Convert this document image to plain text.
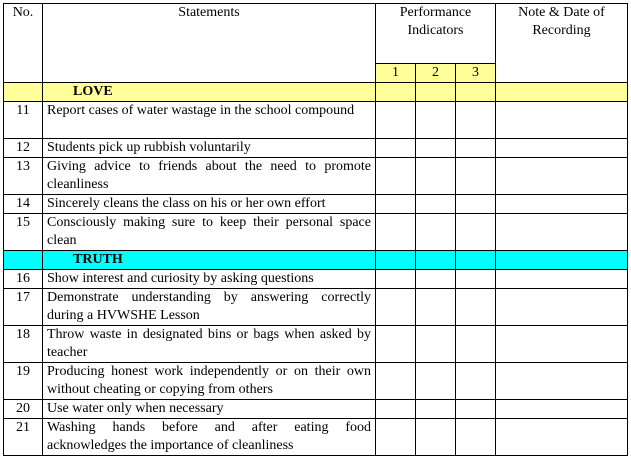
No.	Statements	Performance Indicators			Note & Date of Recording
		1	2	3	
	LOVE				
11	Report cases of water wastage in the school compound				
12	Students pick up rubbish voluntarily				
13	Giving advice to friends about the need to promote cleanliness				
14	Sincerely cleans the class on his or her own effort				
15	Consciously making sure to keep their personal space clean				
	TRUTH				
16	Show interest and curiosity by asking questions				
17	Demonstrate understanding by answering correctly during a HVWSHE Lesson				
18	Throw waste in designated bins or bags when asked by teacher				
19	Producing honest work independently or on their own without cheating or copying from others				
20	Use water only when necessary				
21	Washing hands before and after eating food acknowledges the importance of cleanliness				
